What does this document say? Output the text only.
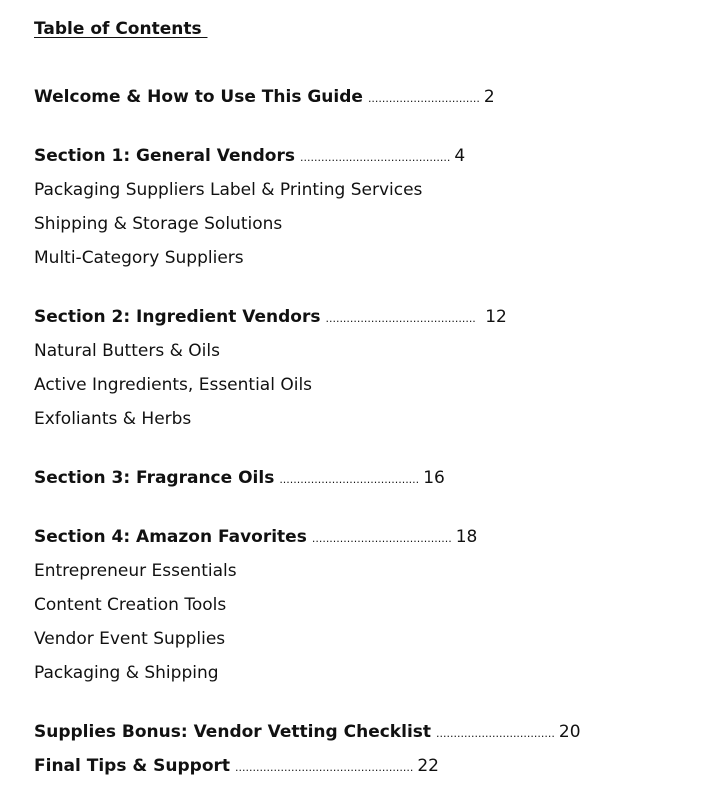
Table of Contents
Welcome & How to Use This Guide ................................ 2
Section 1: General Vendors ........................................... 4
Packaging Suppliers Label & Printing Services
Shipping & Storage Solutions
Multi-Category Suppliers
Section 2: Ingredient Vendors ........................................... 12
Natural Butters & Oils
Active Ingredients, Essential Oils
Exfoliants & Herbs
Section 3: Fragrance Oils ........................................ 16
Section 4: Amazon Favorites ........................................ 18
Entrepreneur Essentials
Content Creation Tools
Vendor Event Supplies
Packaging & Shipping
Supplies Bonus: Vendor Vetting Checklist .................................. 20
Final Tips & Support ................................................... 22
